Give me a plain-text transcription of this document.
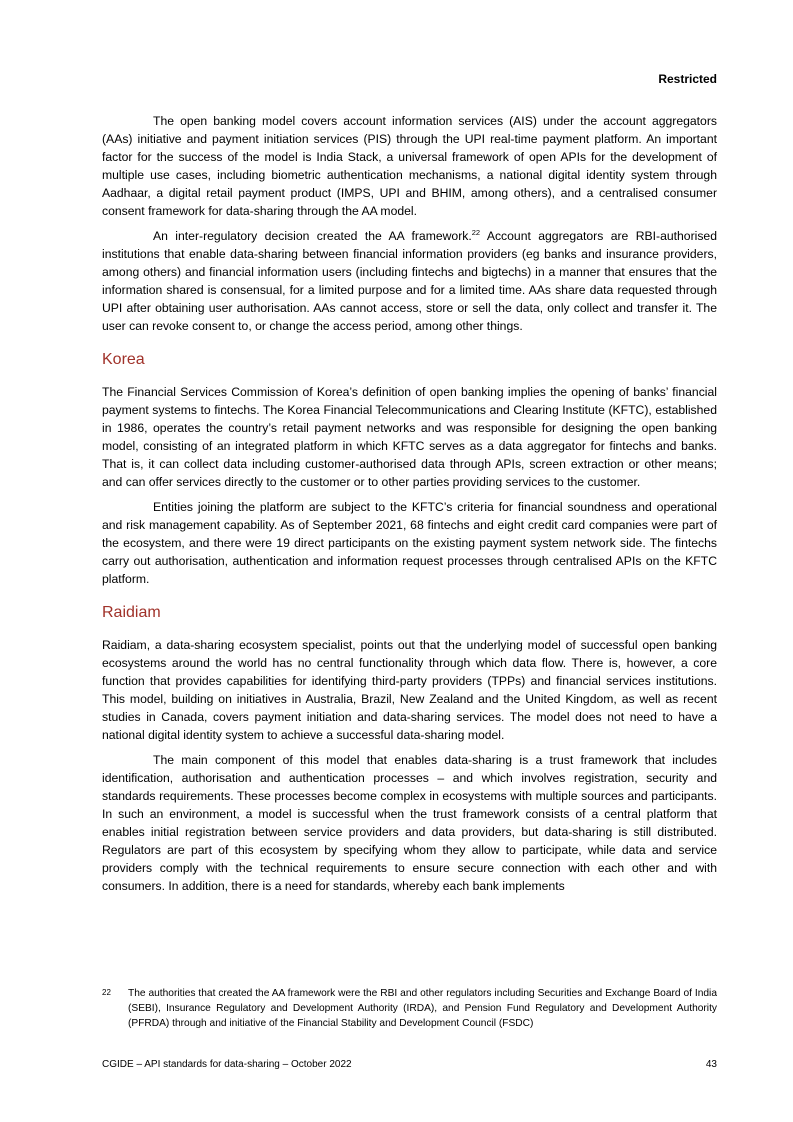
Restricted

The open banking model covers account information services (AIS) under the account aggregators (AAs) initiative and payment initiation services (PIS) through the UPI real-time payment platform. An important factor for the success of the model is India Stack, a universal framework of open APIs for the development of multiple use cases, including biometric authentication mechanisms, a national digital identity system through Aadhaar, a digital retail payment product (IMPS, UPI and BHIM, among others), and a centralised consumer consent framework for data-sharing through the AA model.

An inter-regulatory decision created the AA framework.$^{22}$ Account aggregators are RBI-authorised institutions that enable data-sharing between financial information providers (eg banks and insurance providers, among others) and financial information users (including fintechs and bigtechs) in a manner that ensures that the information shared is consensual, for a limited purpose and for a limited time. AAs share data requested through UPI after obtaining user authorisation. AAs cannot access, store or sell the data, only collect and transfer it. The user can revoke consent to, or change the access period, among other things.

Korea

The Financial Services Commission of Korea’s definition of open banking implies the opening of banks’ financial payment systems to fintechs. The Korea Financial Telecommunications and Clearing Institute (KFTC), established in 1986, operates the country’s retail payment networks and was responsible for designing the open banking model, consisting of an integrated platform in which KFTC serves as a data aggregator for fintechs and banks. That is, it can collect data including customer-authorised data through APIs, screen extraction or other means; and can offer services directly to the customer or to other parties providing services to the customer.

Entities joining the platform are subject to the KFTC’s criteria for financial soundness and operational and risk management capability. As of September 2021, 68 fintechs and eight credit card companies were part of the ecosystem, and there were 19 direct participants on the existing payment system network side. The fintechs carry out authorisation, authentication and information request processes through centralised APIs on the KFTC platform.

Raidiam

Raidiam, a data-sharing ecosystem specialist, points out that the underlying model of successful open banking ecosystems around the world has no central functionality through which data flow. There is, however, a core function that provides capabilities for identifying third-party providers (TPPs) and financial services institutions. This model, building on initiatives in Australia, Brazil, New Zealand and the United Kingdom, as well as recent studies in Canada, covers payment initiation and data-sharing services. The model does not need to have a national digital identity system to achieve a successful data-sharing model.

The main component of this model that enables data-sharing is a trust framework that includes identification, authorisation and authentication processes – and which involves registration, security and standards requirements. These processes become complex in ecosystems with multiple sources and participants. In such an environment, a model is successful when the trust framework consists of a central platform that enables initial registration between service providers and data providers, but data-sharing is still distributed. Regulators are part of this ecosystem by specifying whom they allow to participate, while data and service providers comply with the technical requirements to ensure secure connection with each other and with consumers. In addition, there is a need for standards, whereby each bank implements

22	The authorities that created the AA framework were the RBI and other regulators including Securities and Exchange Board of India (SEBI), Insurance Regulatory and Development Authority (IRDA), and Pension Fund Regulatory and Development Authority (PFRDA) through and initiative of the Financial Stability and Development Council (FSDC)

CGIDE – API standards for data-sharing – October 2022	43
